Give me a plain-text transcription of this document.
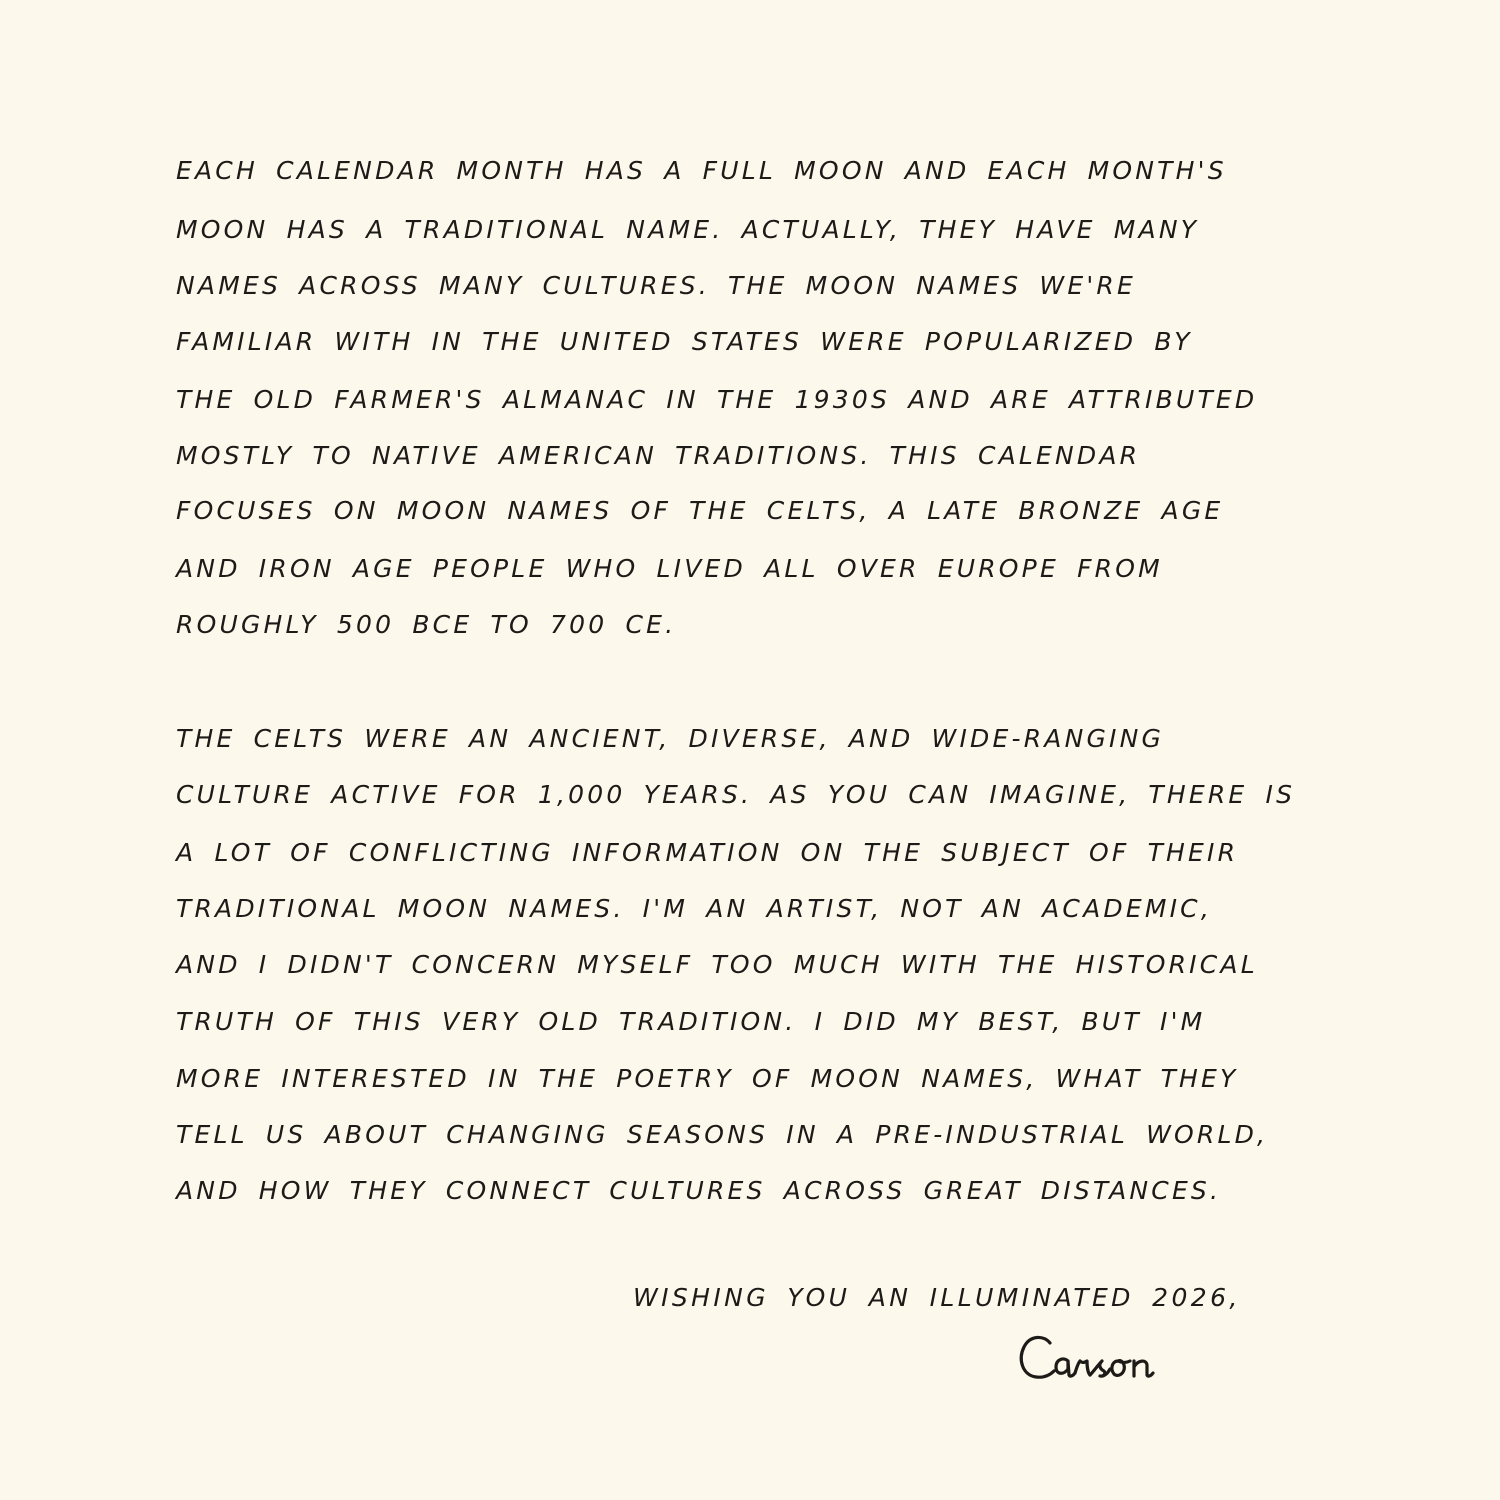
EACH CALENDAR MONTH HAS A FULL MOON AND EACH MONTH'S
MOON HAS A TRADITIONAL NAME. ACTUALLY, THEY HAVE MANY
NAMES ACROSS MANY CULTURES. THE MOON NAMES WE'RE
FAMILIAR WITH IN THE UNITED STATES WERE POPULARIZED BY
THE OLD FARMER'S ALMANAC IN THE 1930S AND ARE ATTRIBUTED
MOSTLY TO NATIVE AMERICAN TRADITIONS. THIS CALENDAR
FOCUSES ON MOON NAMES OF THE CELTS, A LATE BRONZE AGE
AND IRON AGE PEOPLE WHO LIVED ALL OVER EUROPE FROM
ROUGHLY 500 BCE TO 700 CE.
THE CELTS WERE AN ANCIENT, DIVERSE, AND WIDE-RANGING
CULTURE ACTIVE FOR 1,000 YEARS. AS YOU CAN IMAGINE, THERE IS
A LOT OF CONFLICTING INFORMATION ON THE SUBJECT OF THEIR
TRADITIONAL MOON NAMES. I'M AN ARTIST, NOT AN ACADEMIC,
AND I DIDN'T CONCERN MYSELF TOO MUCH WITH THE HISTORICAL
TRUTH OF THIS VERY OLD TRADITION. I DID MY BEST, BUT I'M
MORE INTERESTED IN THE POETRY OF MOON NAMES, WHAT THEY
TELL US ABOUT CHANGING SEASONS IN A PRE-INDUSTRIAL WORLD,
AND HOW THEY CONNECT CULTURES ACROSS GREAT DISTANCES.
WISHING YOU AN ILLUMINATED 2026,
